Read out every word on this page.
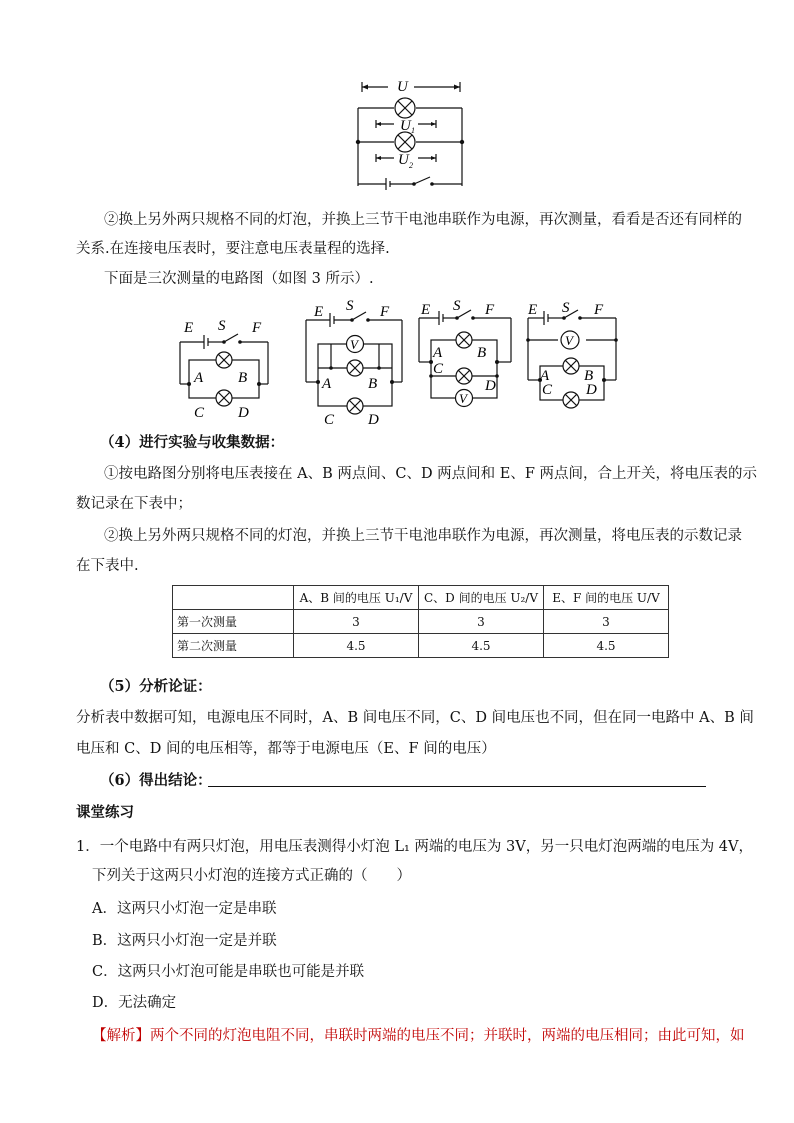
U
U 1
U 2
②换上另外两只规格不同的灯泡，并换上三节干电池串联作为电源，再次测量，看看是否还有同样的
关系.在连接电压表时，要注意电压表量程的选择.
下面是三次测量的电路图（如图 3 所示）.
E S F
A B
C D
V
E S F
A B
C D
V
E S F
A B
C
D
V
E S F
A B
C D
（4）进行实验与收集数据：
①按电路图分别将电压表接在 A、B 两点间、C、D 两点间和 E、F 两点间，合上开关，将电压表的示
数记录在下表中；
②换上另外两只规格不同的灯泡，并换上三节干电池串联作为电源，再次测量，将电压表的示数记录
在下表中.
	A、B 间的电压 U₁/V	C、D 间的电压 U₂/V	E、F 间的电压 U/V
第一次测量	3	3	3
第二次测量	4.5	4.5	4.5
（5）分析论证：
分析表中数据可知，电源电压不同时，A、B 间电压不同，C、D 间电压也不同，但在同一电路中 A、B 间
电压和 C、D 间的电压相等，都等于电源电压（E、F 间的电压）
（6）得出结论：
课堂练习
1．一个电路中有两只灯泡，用电压表测得小灯泡 L₁ 两端的电压为 3V，另一只电灯泡两端的电压为 4V，
下列关于这两只小灯泡的连接方式正确的（　　）
A．这两只小灯泡一定是串联
B．这两只小灯泡一定是并联
C．这两只小灯泡可能是串联也可能是并联
D．无法确定
【解析】两个不同的灯泡电阻不同，串联时两端的电压不同；并联时，两端的电压相同；由此可知，如
